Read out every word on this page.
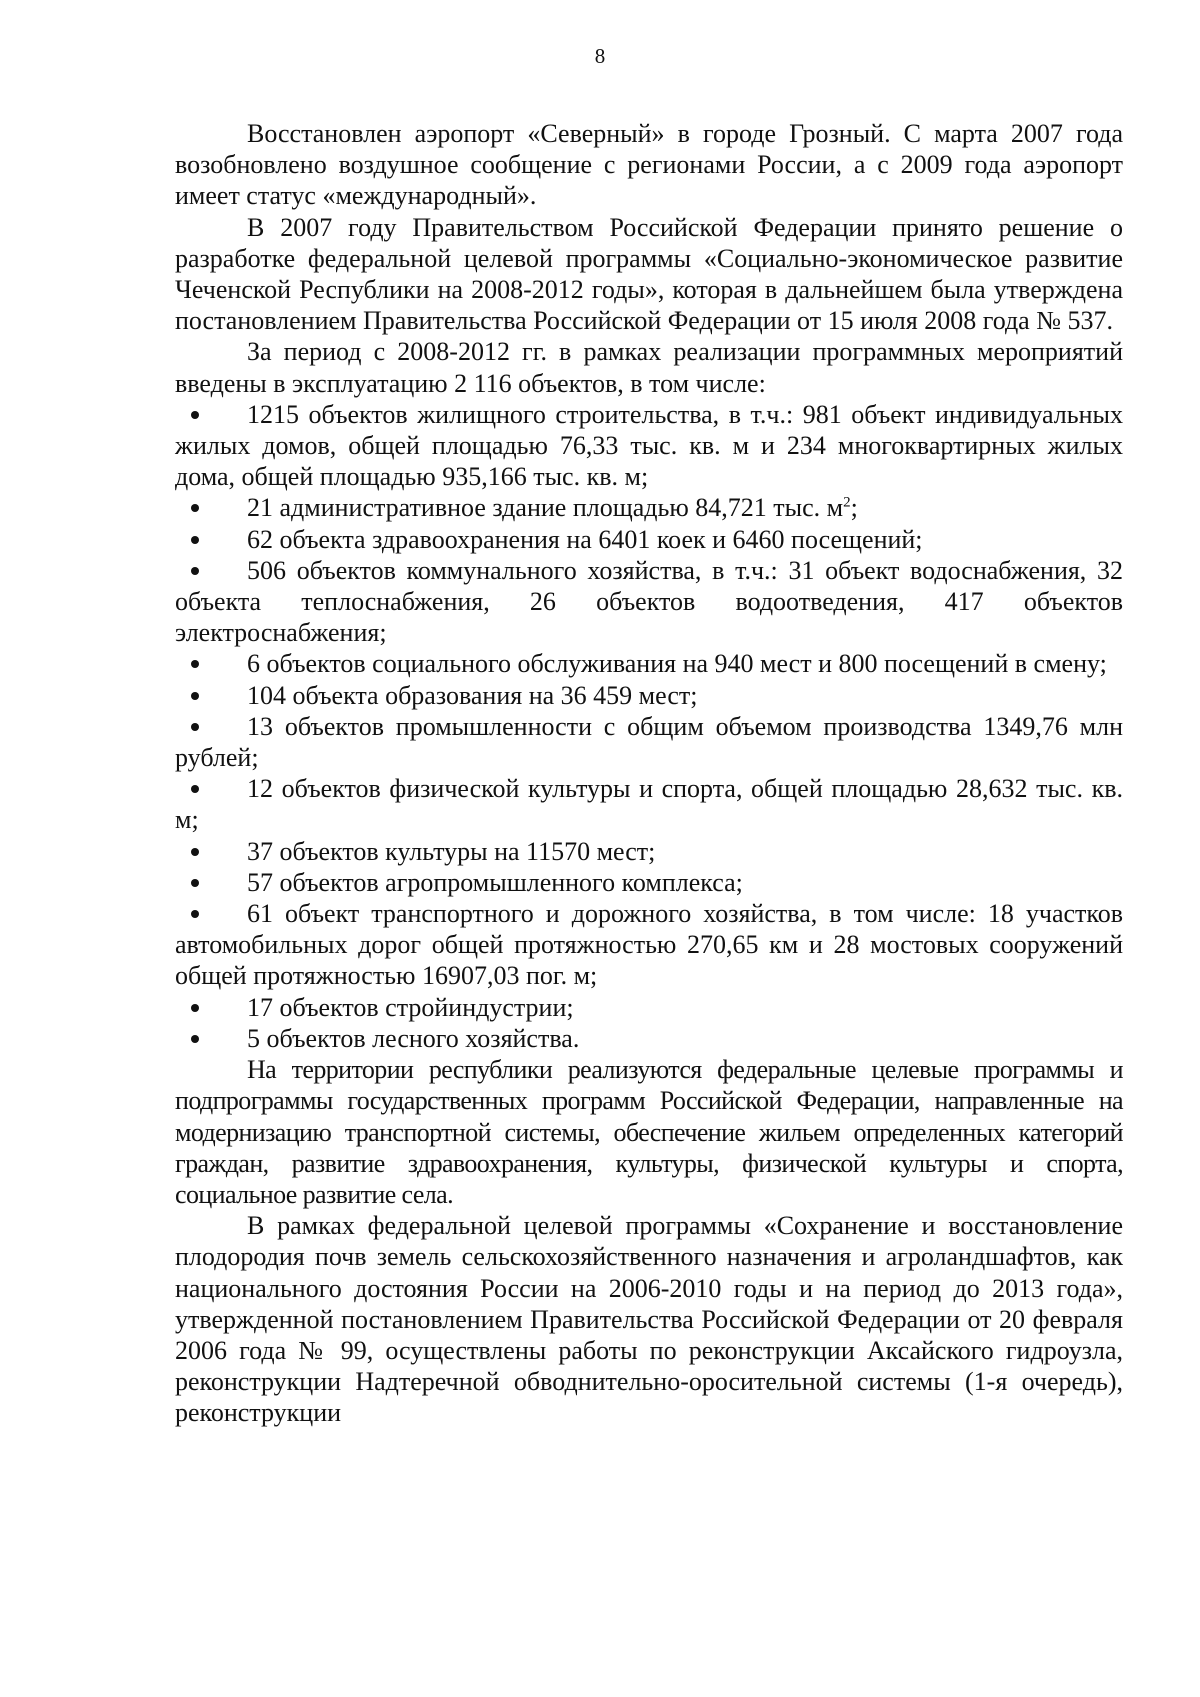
8

Восстановлен аэропорт «Северный» в городе Грозный. С марта 2007 года возобновлено воздушное сообщение с регионами России, а с 2009 года аэропорт имеет статус «международный».

В 2007 году Правительством Российской Федерации принято решение о разработке федеральной целевой программы «Социально-экономическое развитие Чеченской Республики на 2008-2012 годы», которая в дальнейшем была утверждена постановлением Правительства Российской Федерации от 15 июля 2008 года № 537.

За период с 2008-2012 гг. в рамках реализации программных мероприятий введены в эксплуатацию 2 116 объектов, в том числе:

1215 объектов жилищного строительства, в т.ч.: 981 объект индивидуальных жилых домов, общей площадью 76,33 тыс. кв. м и 234 многоквартирных жилых дома, общей площадью 935,166 тыс. кв. м;
21 административное здание площадью 84,721 тыс. $м^2$;
62 объекта здравоохранения на 6401 коек и 6460 посещений;
506 объектов коммунального хозяйства, в т.ч.: 31 объект водоснабжения, 32 объекта теплоснабжения, 26 объектов водоотведения, 417 объектов электроснабжения;
6 объектов социального обслуживания на 940 мест и 800 посещений в смену;
104 объекта образования на 36 459 мест;
13 объектов промышленности с общим объемом производства 1349,76 млн рублей;
12 объектов физической культуры и спорта, общей площадью 28,632 тыс. кв. м;
37 объектов культуры на 11570 мест;
57 объектов агропромышленного комплекса;
61 объект транспортного и дорожного хозяйства, в том числе: 18 участков автомобильных дорог общей протяжностью 270,65 км и 28 мостовых сооружений общей протяжностью 16907,03 пог. м;
17 объектов стройиндустрии;
5 объектов лесного хозяйства.

На территории республики реализуются федеральные целевые программы и подпрограммы государственных программ Российской Федерации, направленные на модернизацию транспортной системы, обеспечение жильем определенных категорий граждан, развитие здравоохранения, культуры, физической культуры и спорта, социальное развитие села.

В рамках федеральной целевой программы «Сохранение и восстановление плодородия почв земель сельскохозяйственного назначения и агроландшафтов, как национального достояния России на 2006-2010 годы и на период до 2013 года», утвержденной постановлением Правительства Российской Федерации от 20 февраля 2006 года № 99, осуществлены работы по реконструкции Аксайского гидроузла, реконструкции Надтеречной обводнительно-оросительной системы (1-я очередь), реконструкции
